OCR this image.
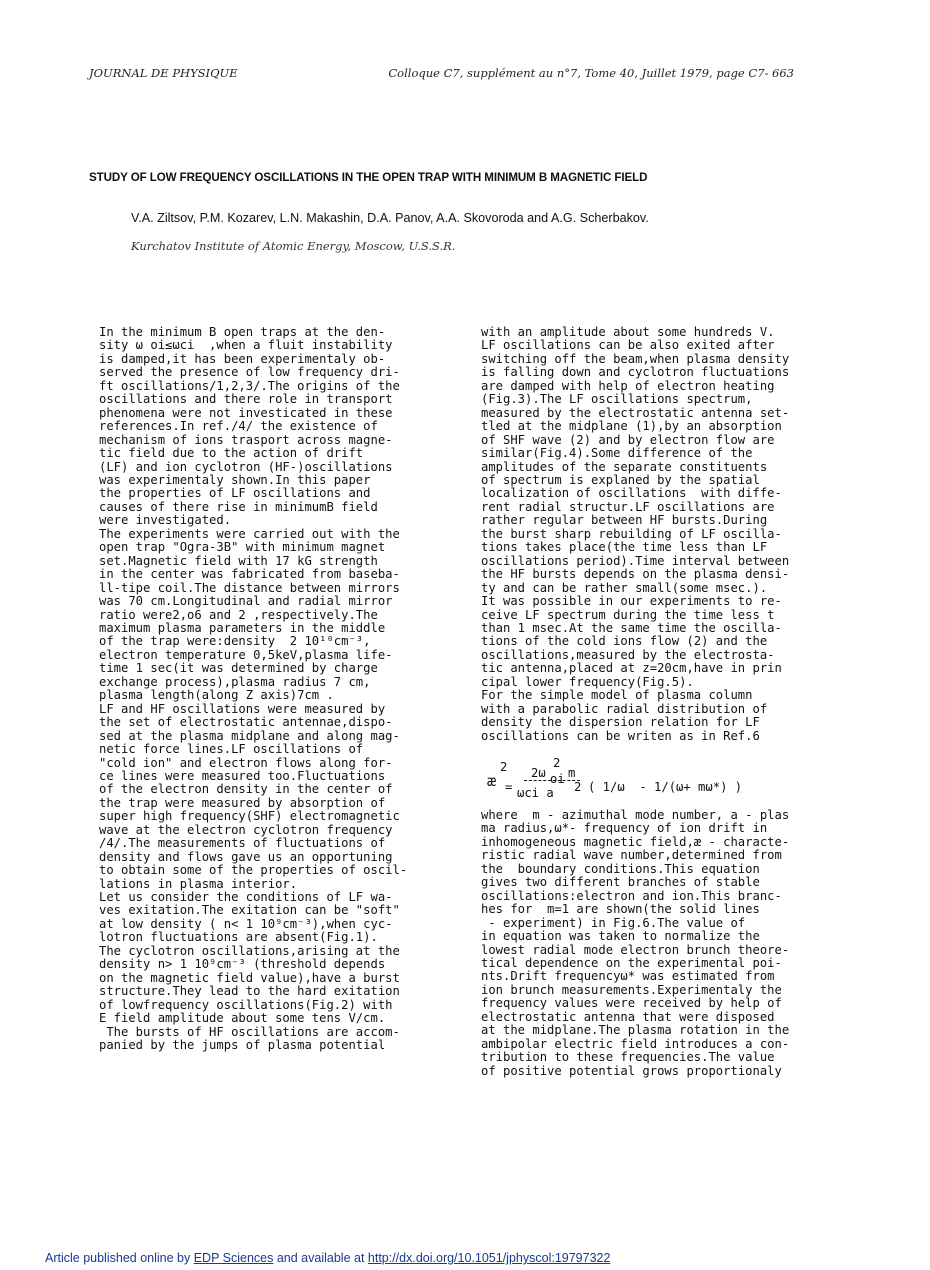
JOURNAL DE PHYSIQUE	Colloque C7, supplément au n°7, Tome 40, Juillet 1979, page C7- 663
STUDY OF LOW FREQUENCY OSCILLATIONS IN THE OPEN TRAP WITH MINIMUM B MAGNETIC FIELD
V.A. Ziltsov, P.M. Kozarev, L.N. Makashin, D.A. Panov, A.A. Skovoroda and A.G. Scherbakov.
Kurchatov Institute of Atomic Energy, Moscow, U.S.S.R.
In the minimum B open traps at the den-
sity ω oi≤ωci  ,when a fluit instability
is damped,it has been experimentaly ob-
served the presence of low frequency dri-
ft oscillations/1,2,3/.The origins of the
oscillations and there role in transport
phenomena were not investicated in these
references.In ref./4/ the existence of
mechanism of ions trasport across magne-
tic field due to the action of drift
(LF) and ion cyclotron (HF-)oscillations
was experimentaly shown.In this paper
the properties of LF oscillations and
causes of there rise in minimumB field
were investigated.
The experiments were carried out with the
open trap "Ogra-3B" with minimum magnet
set.Magnetic field with 17 kG strength
in the center was fabricated from baseba-
ll-tipe coil.The distance between mirrors
was 70 cm.Longitudinal and radial mirror
ratio were2,o6 and 2 ,respectively.The
maximum plasma parameters in the middle
of the trap were:density  2 10¹⁰cm⁻³,
electron temperature 0,5keV,plasma life-
time 1 sec(it was determined by charge
exchange process),plasma radius 7 cm,
plasma length(along Z axis)7cm .
LF and HF oscillations were measured by
the set of electrostatic antennae,dispo-
sed at the plasma midplane and along mag-
netic force lines.LF oscillations of
"cold ion" and electron flows along for-
ce lines were measured too.Fluctuations
of the electron density in the center of
the trap were measured by absorption of
super high frequency(SHF) electromagnetic
wave at the electron cyclotron frequency
/4/.The measurements of fluctuations of
density and flows gave us an opportuning
to obtain some of the properties of oscil-
lations in plasma interior.
Let us consider the conditions of LF wa-
ves exitation.The exitation can be "soft"
at low density ( n< 1 10⁹cm⁻³),when cyc-
lotron fluctuations are absent(Fig.1).
The cyclotron oscillations,arising at the
density n> 1 10⁹cm⁻³ (threshold depends
on the magnetic field value),have a burst
structure.They lead to the hard exitation
of lowfrequency oscillations(Fig.2) with
E field amplitude about some tens V/cm.
The bursts of HF oscillations are accom-
panied by the jumps of plasma potential
with an amplitude about some hundreds V.
LF oscillations can be also exited after
switching off the beam,when plasma density
is falling down and cyclotron fluctuations
are damped with help of electron heating
(Fig.3).The LF oscillations spectrum,
measured by the electrostatic antenna set-
tled at the midplane (1),by an absorption
of SHF wave (2) and by electron flow are
similar(Fig.4).Some difference of the
amplitudes of the separate constituents
of spectrum is explaned by the spatial
localization of oscillations  with diffe-
rent radial structur.LF oscillations are
rather regular between HF bursts.During
the burst sharp rebuilding of LF oscilla-
tions takes place(the time less than LF
oscillations period).Time interval between
the HF bursts depends on the plasma densi-
ty and can be rather small(some msec.).
It was possible in our experiments to re-
ceive LF spectrum during the time less t
than 1 msec.At the same time the oscilla-
tions of the cold ions flow (2) and the
oscillations,measured by the electrosta-
tic antenna,placed at z=20cm,have in prin
cipal lower frequency(Fig.5).
For the simple model of plasma column
with a parabolic radial distribution of
density the dispersion relation for LF
oscillations can be writen as in Ref.6
æ
2
=
2ω
2
oi m
ωci a 2 ( 1/ω  - 1/(ω+ mω*) )
where  m - azimuthal mode number, a - plas
ma radius,ω*- frequency of ion drift in
inhomogeneous magnetic field,æ - characte-
ristic radial wave number,determined from
the  boundary conditions.This equation
gives two different branches of stable
oscillations:electron and ion.This branc-
hes for  m=1 are shown(the solid lines
- experiment) in Fig.6.The value of
in equation was taken to normalize the
lowest radial mode electron brunch theore-
tical dependence on the experimental poi-
nts.Drift frequencyω* was estimated from
ion brunch measurements.Experimentaly the
frequency values were received by help of
electrostatic antenna that were disposed
at the midplane.The plasma rotation in the
ambipolar electric field introduces a con-
tribution to these frequencies.The value
of positive potential grows proportionaly
Article published online by EDP Sciences and available at http://dx.doi.org/10.1051/jphyscol:19797322
